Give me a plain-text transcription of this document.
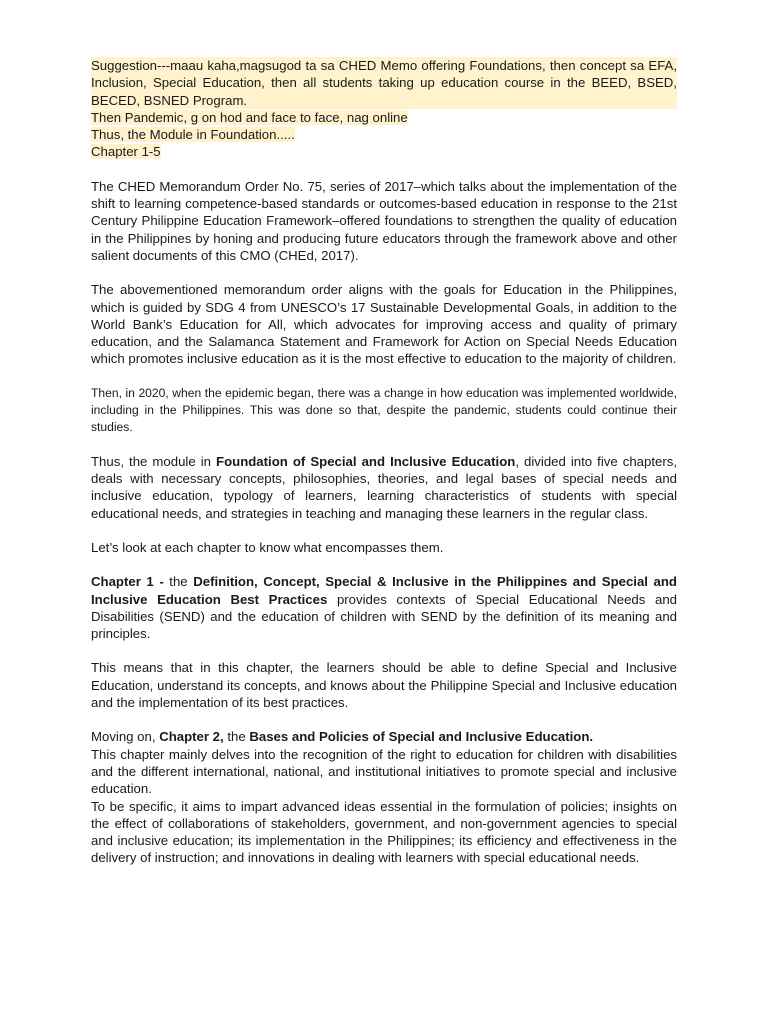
Suggestion---maau kaha,magsugod ta sa CHED Memo offering Foundations, then concept sa EFA, Inclusion, Special Education, then all students taking up education course in the BEED, BSED, BECED, BSNED Program.
Then Pandemic, g on hod and face to face, nag online
Thus, the Module in Foundation.....
Chapter 1-5

The CHED Memorandum Order No. 75, series of 2017–which talks about the implementation of the shift to learning competence-based standards or outcomes-based education in response to the 21st Century Philippine Education Framework–offered foundations to strengthen the quality of education in the Philippines by honing and producing future educators through the framework above and other salient documents of this CMO (CHEd, 2017).

The abovementioned memorandum order aligns with the goals for Education in the Philippines, which is guided by SDG 4 from UNESCO’s 17 Sustainable Developmental Goals, in addition to the World Bank’s Education for All, which advocates for improving access and quality of primary education, and the Salamanca Statement and Framework for Action on Special Needs Education which promotes inclusive education as it is the most effective to education to the majority of children.

Then, in 2020, when the epidemic began, there was a change in how education was implemented worldwide, including in the Philippines. This was done so that, despite the pandemic, students could continue their studies.

Thus, the module in Foundation of Special and Inclusive Education, divided into five chapters, deals with necessary concepts, philosophies, theories, and legal bases of special needs and inclusive education, typology of learners, learning characteristics of students with special educational needs, and strategies in teaching and managing these learners in the regular class.

Let’s look at each chapter to know what encompasses them.

Chapter 1 - the Definition, Concept, Special & Inclusive in the Philippines and Special and Inclusive Education Best Practices provides contexts of Special Educational Needs and Disabilities (SEND) and the education of children with SEND by the definition of its meaning and principles.

This means that in this chapter, the learners should be able to define Special and Inclusive Education, understand its concepts, and knows about the Philippine Special and Inclusive education and the implementation of its best practices.

Moving on, Chapter 2, the Bases and Policies of Special and Inclusive Education.
This chapter mainly delves into the recognition of the right to education for children with disabilities and the different international, national, and institutional initiatives to promote special and inclusive education.
To be specific, it aims to impart advanced ideas essential in the formulation of policies; insights on the effect of collaborations of stakeholders, government, and non-government agencies to special and inclusive education; its implementation in the Philippines; its efficiency and effectiveness in the delivery of instruction; and innovations in dealing with learners with special educational needs.
